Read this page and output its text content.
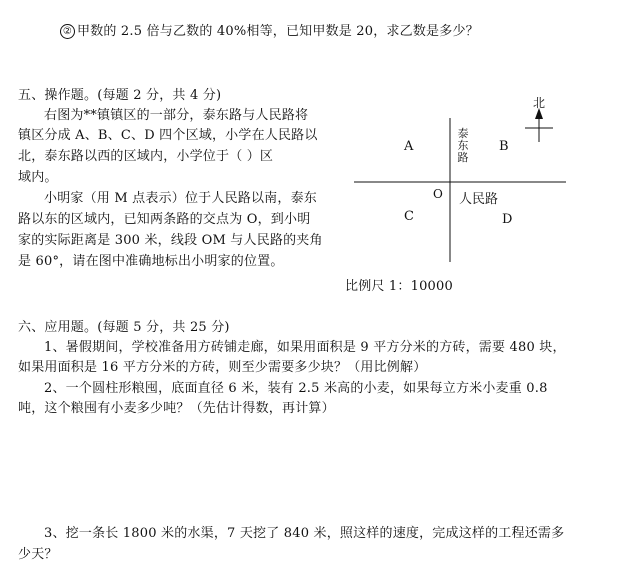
② 甲数的 2.5 倍与乙数的 40%相等，已知甲数是 20，求乙数是多少？
五、操作题。(每题 2 分，共 4 分)
右图为**镇镇区的一部分，泰东路与人民路将
镇区分成 A、B、C、D 四个区域，小学在人民路以
北，泰东路以西的区域内，小学位于（ ）区
域内。
小明家（用 M 点表示）位于人民路以南，泰东
路以东的区域内，已知两条路的交点为 O，到小明
家的实际距离是 300 米，线段 OM 与人民路的夹角
是 60°，请在图中准确地标出小明家的位置。
北
泰
东
路
A	B
C	D
O 人民路
比例尺 1：10000
六、应用题。(每题 5 分，共 25 分)
1、暑假期间，学校准备用方砖铺走廊，如果用面积是 9 平方分米的方砖，需要 480 块，
如果用面积是 16 平方分米的方砖，则至少需要多少块？（用比例解）
2、一个圆柱形粮囤，底面直径 6 米，装有 2.5 米高的小麦，如果每立方米小麦重 0.8
吨，这个粮囤有小麦多少吨？（先估计得数，再计算）
3、挖一条长 1800 米的水渠，7 天挖了 840 米，照这样的速度，完成这样的工程还需多
少天？
